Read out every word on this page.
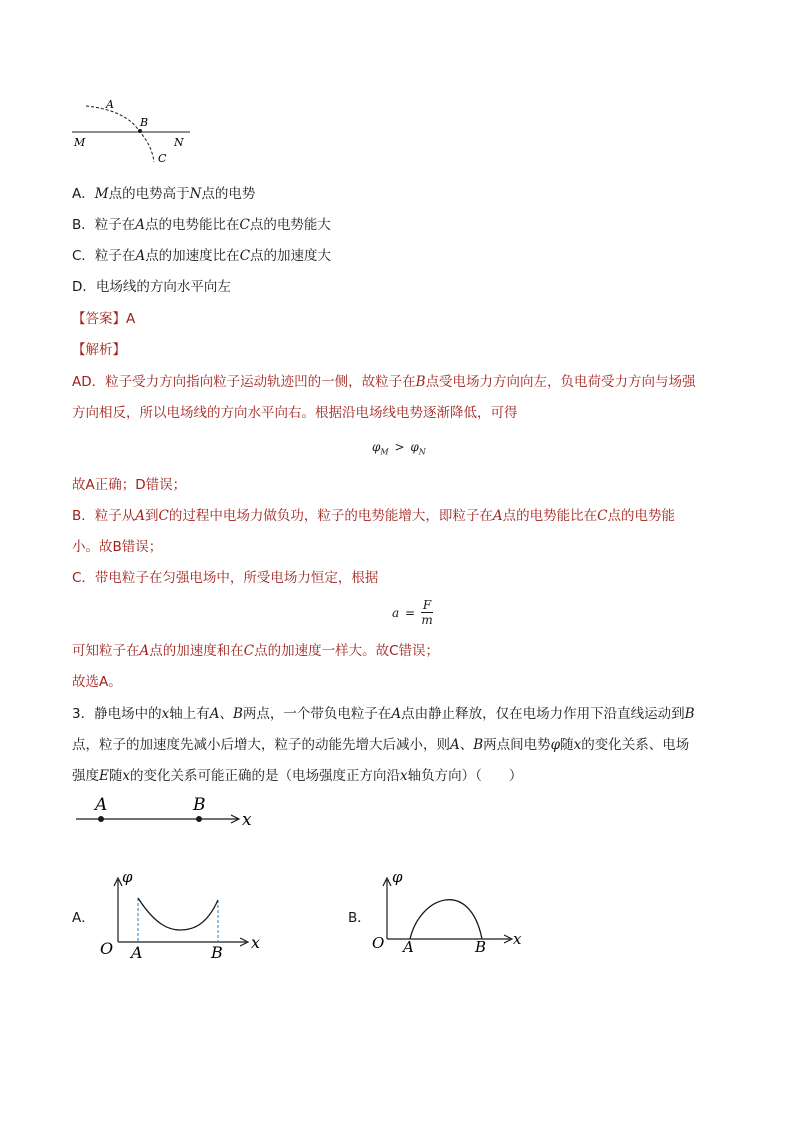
A
B
M	N
C
A．M点的电势高于N点的电势
B．粒子在A点的电势能比在C点的电势能大
C．粒子在A点的加速度比在C点的加速度大
D．电场线的方向水平向左
【答案】A
【解析】
AD．粒子受力方向指向粒子运动轨迹凹的一侧，故粒子在B点受电场力方向向左，负电荷受力方向与场强
方向相反，所以电场线的方向水平向右。根据沿电场线电势逐渐降低，可得
$\varphi_M > \varphi_N$
故A正确；D错误；
B．粒子从A到C的过程中电场力做负功，粒子的电势能增大，即粒子在A点的电势能比在C点的电势能
小。故B错误；
C．带电粒子在匀强电场中，所受电场力恒定，根据
$a = \frac{F}{m}$
可知粒子在A点的加速度和在C点的加速度一样大。故C错误；
故选A。
3．静电场中的x轴上有A、B两点，一个带负电粒子在A点由静止释放，仅在电场力作用下沿直线运动到B
点，粒子的加速度先减小后增大，粒子的动能先增大后减小，则A、B两点间电势φ随x的变化关系、电场
强度E随x的变化关系可能正确的是（电场强度正方向沿x轴负方向）（　　）
A	B
x
A．
φ
O A	B
x
B．
φ
O A	B x
